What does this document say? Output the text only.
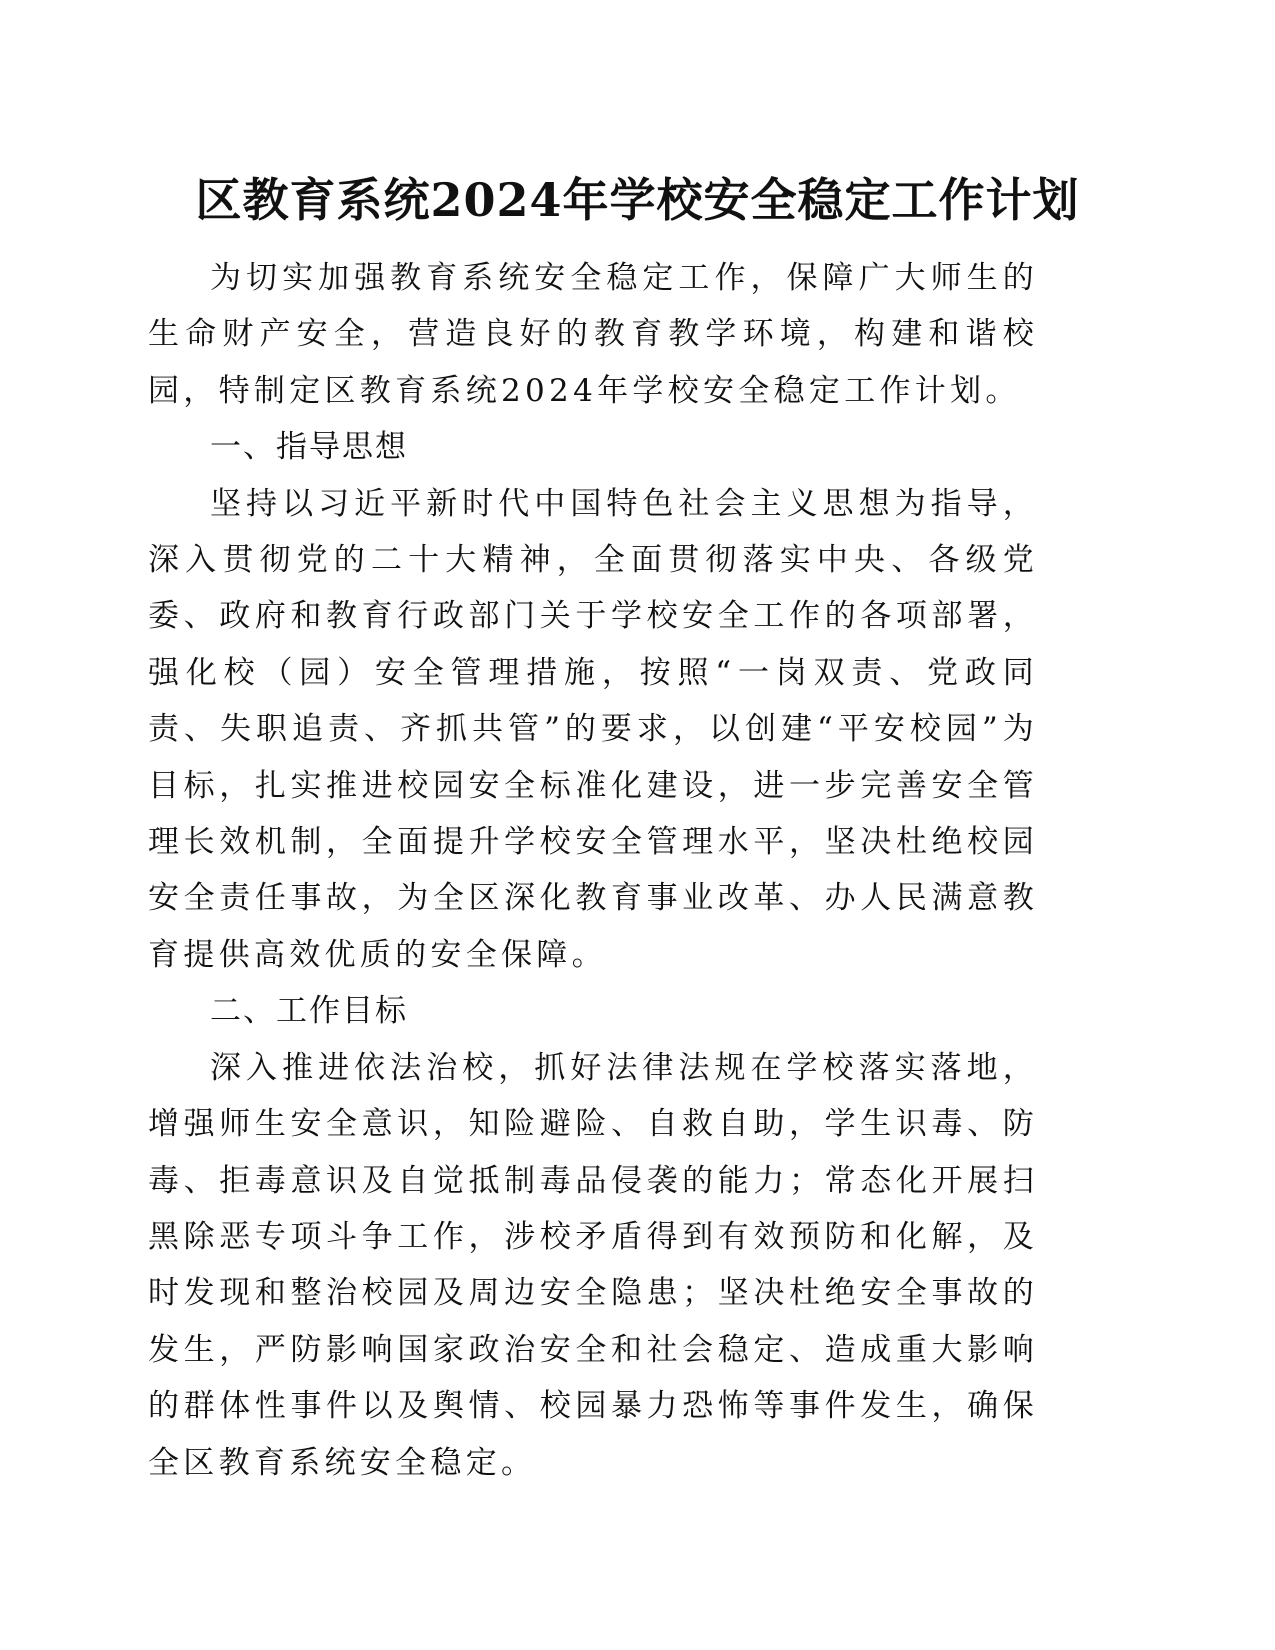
区教育系统2024年学校安全稳定工作计划

为切实加强教育系统安全稳定工作，保障广大师生的生命财产安全，营造良好的教育教学环境，构建和谐校园，特制定区教育系统2024年学校安全稳定工作计划。

一、指导思想

坚持以习近平新时代中国特色社会主义思想为指导，深入贯彻党的二十大精神，全面贯彻落实中央、各级党委、政府和教育行政部门关于学校安全工作的各项部署，强化校（园）安全管理措施，按照“一岗双责、党政同责、失职追责、齐抓共管”的要求，以创建“平安校园”为目标，扎实推进校园安全标准化建设，进一步完善安全管理长效机制，全面提升学校安全管理水平，坚决杜绝校园安全责任事故，为全区深化教育事业改革、办人民满意教育提供高效优质的安全保障。

二、工作目标

深入推进依法治校，抓好法律法规在学校落实落地，增强师生安全意识，知险避险、自救自助，学生识毒、防毒、拒毒意识及自觉抵制毒品侵袭的能力；常态化开展扫黑除恶专项斗争工作，涉校矛盾得到有效预防和化解，及时发现和整治校园及周边安全隐患；坚决杜绝安全事故的发生，严防影响国家政治安全和社会稳定、造成重大影响的群体性事件以及舆情、校园暴力恐怖等事件发生，确保全区教育系统安全稳定。
